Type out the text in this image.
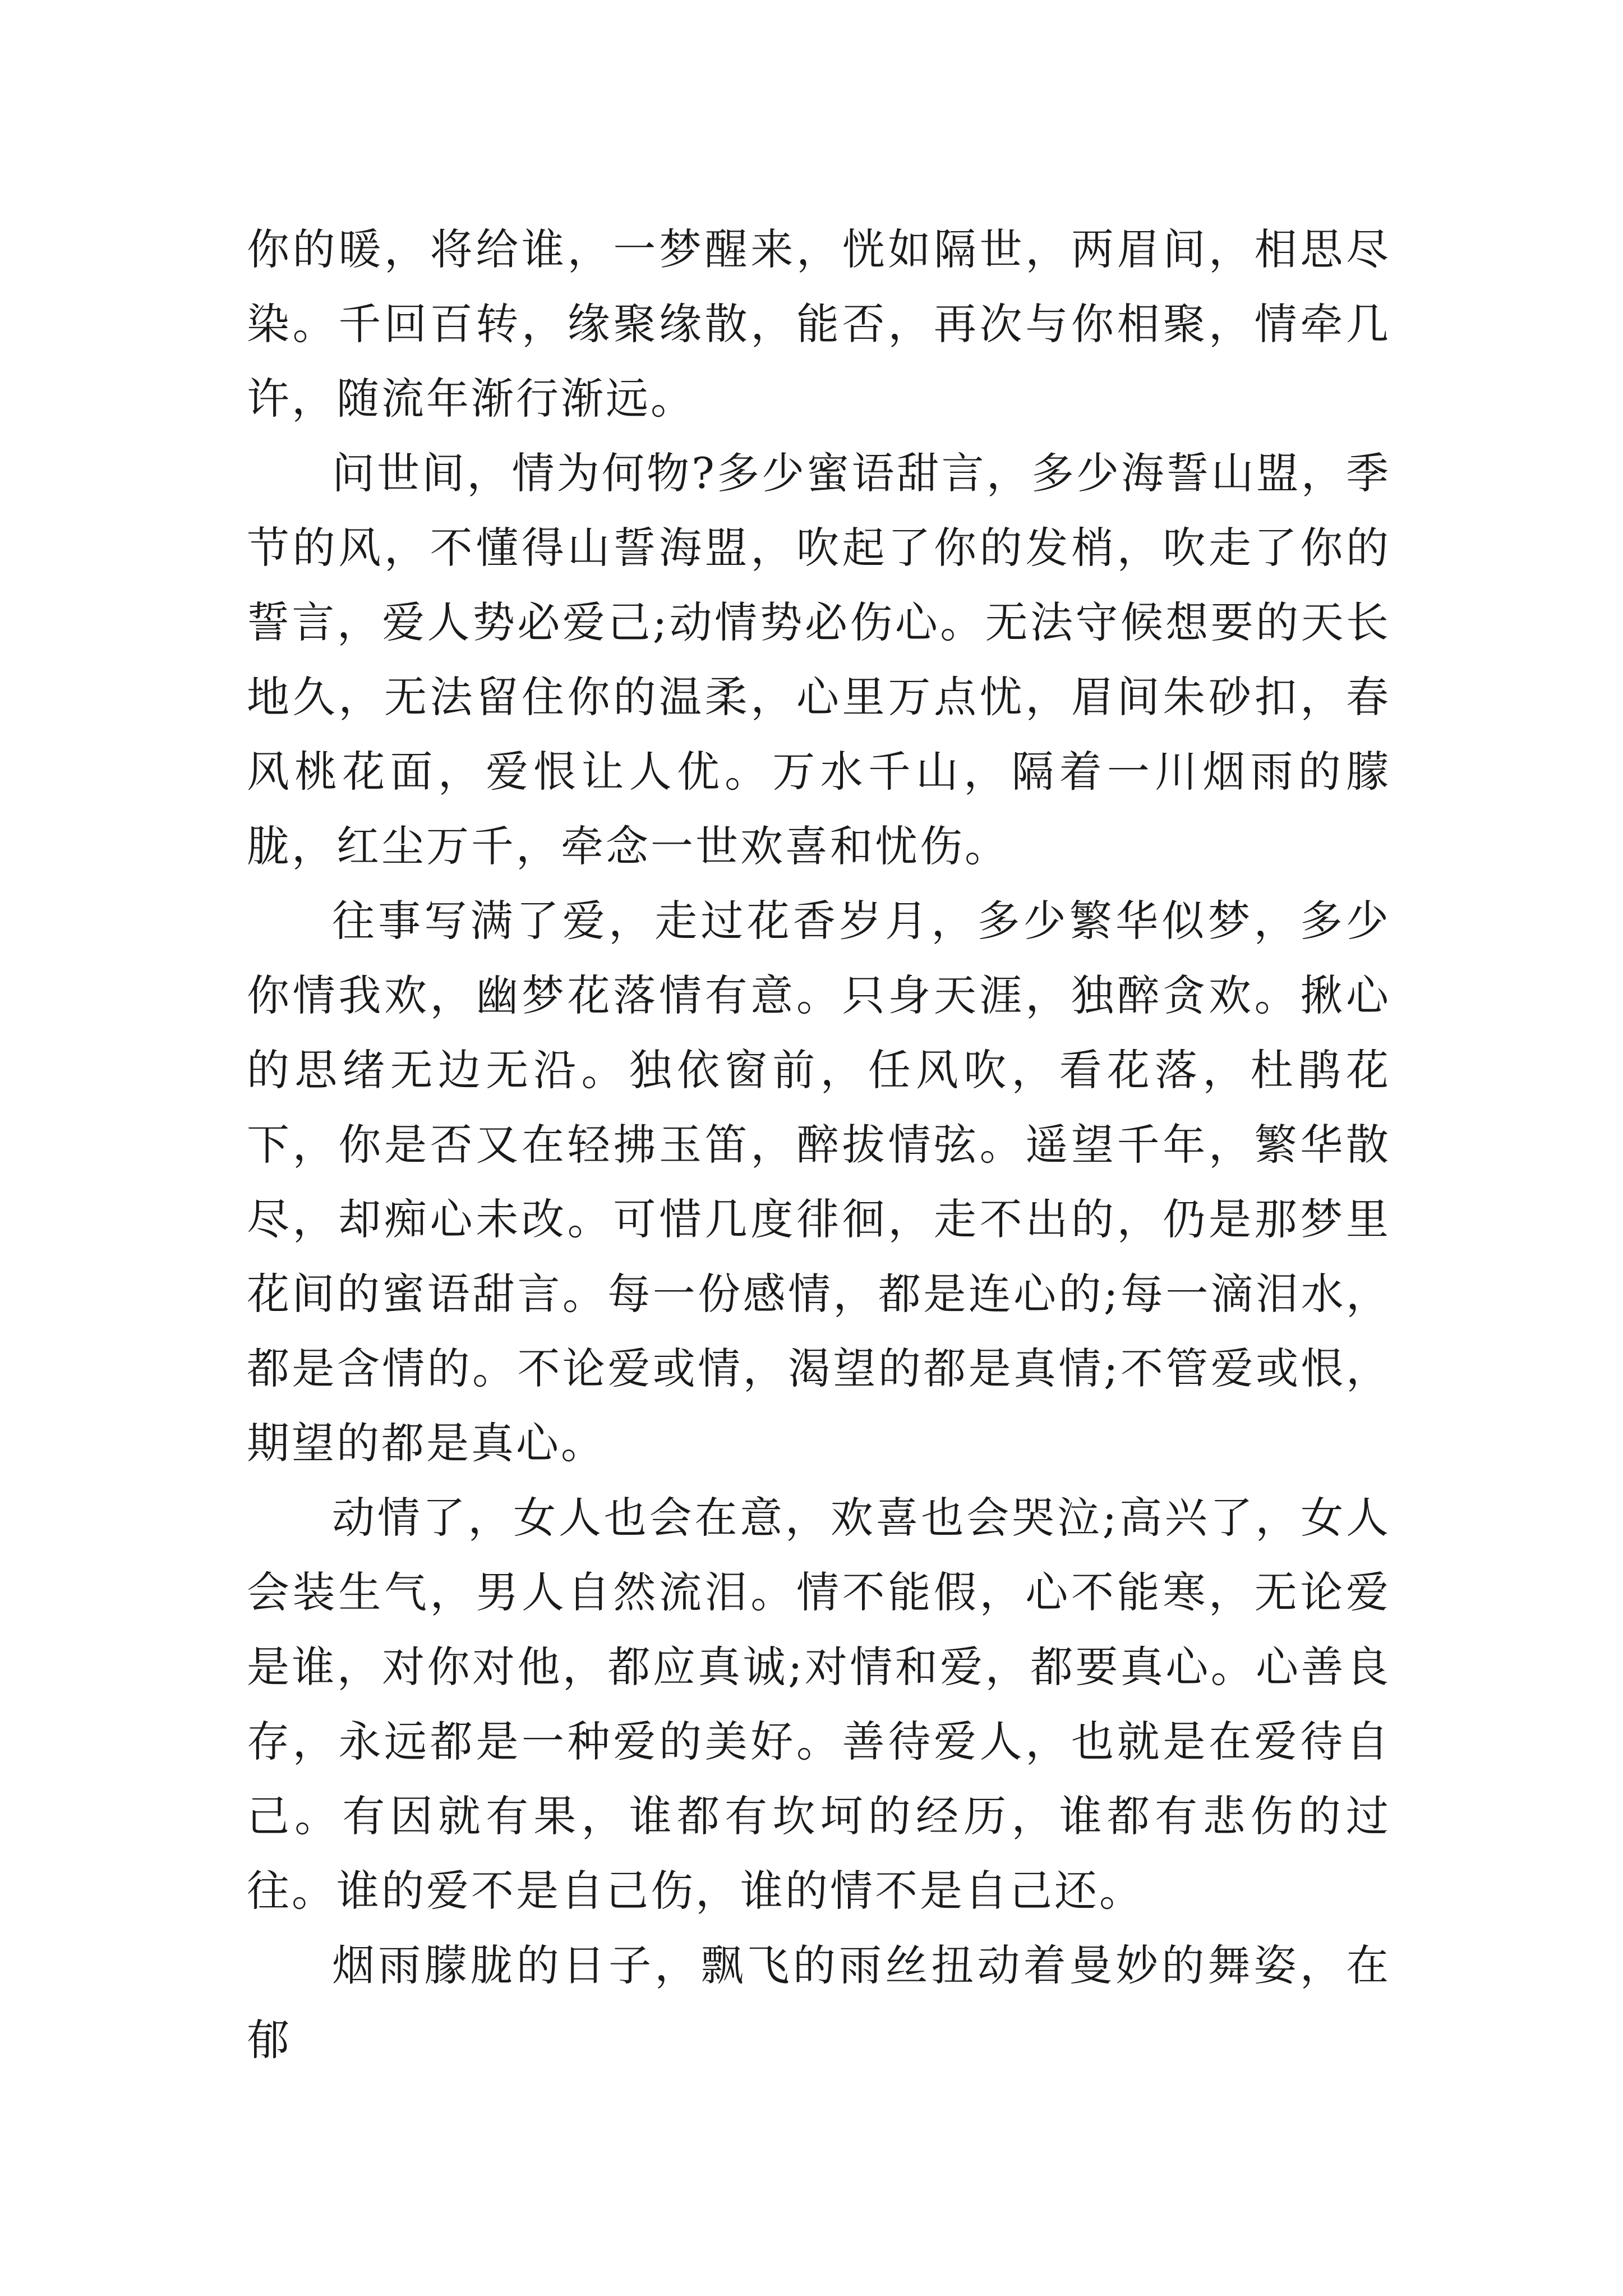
你的暖，将给谁，一梦醒来，恍如隔世，两眉间，相思尽染。千回百转，缘聚缘散，能否，再次与你相聚，情牵几许，随流年渐行渐远。

问世间，情为何物?多少蜜语甜言，多少海誓山盟，季节的风，不懂得山誓海盟，吹起了你的发梢，吹走了你的誓言，爱人势必爱己;动情势必伤心。无法守候想要的天长地久，无法留住你的温柔，心里万点忧，眉间朱砂扣，春风桃花面，爱恨让人优。万水千山，隔着一川烟雨的朦胧，红尘万千，牵念一世欢喜和忧伤。

往事写满了爱，走过花香岁月，多少繁华似梦，多少你情我欢，幽梦花落情有意。只身天涯，独醉贪欢。揪心的思绪无边无沿。独依窗前，任风吹，看花落，杜鹃花下，你是否又在轻拂玉笛，醉拔情弦。遥望千年，繁华散尽，却痴心未改。可惜几度徘徊，走不出的，仍是那梦里花间的蜜语甜言。每一份感情，都是连心的;每一滴泪水，都是含情的。不论爱或情，渴望的都是真情;不管爱或恨，期望的都是真心。

动情了，女人也会在意，欢喜也会哭泣;高兴了，女人会装生气，男人自然流泪。情不能假，心不能寒，无论爱是谁，对你对他，都应真诚;对情和爱，都要真心。心善良存，永远都是一种爱的美好。善待爱人，也就是在爱待自己。有因就有果，谁都有坎坷的经历，谁都有悲伤的过往。谁的爱不是自己伤，谁的情不是自己还。

烟雨朦胧的日子，飘飞的雨丝扭动着曼妙的舞姿，在郁
